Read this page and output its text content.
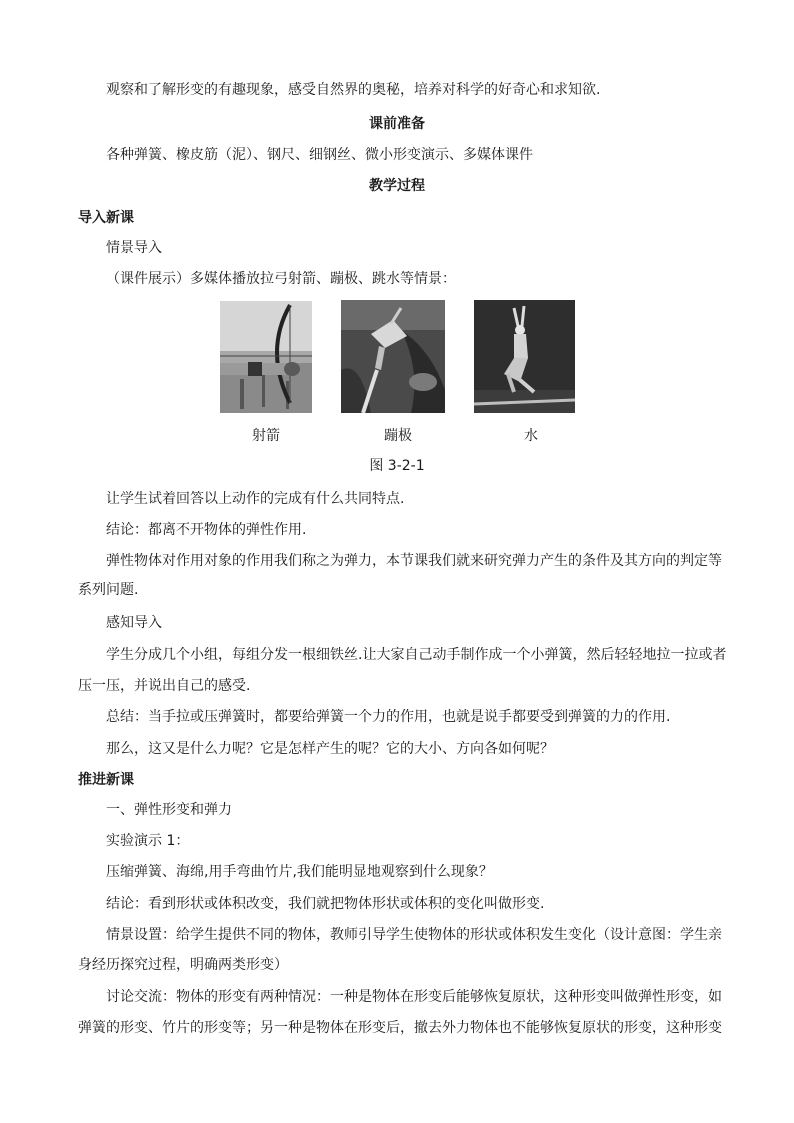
观察和了解形变的有趣现象，感受自然界的奥秘，培养对科学的好奇心和求知欲.
课前准备
各种弹簧、橡皮筋（泥）、钢尺、细钢丝、微小形变演示、多媒体课件
教学过程
导入新课
情景导入
（课件展示）多媒体播放拉弓射箭、蹦极、跳水等情景：
射箭	蹦极	水
图 3-2-1
让学生试着回答以上动作的完成有什么共同特点.
结论：都离不开物体的弹性作用.
弹性物体对作用对象的作用我们称之为弹力，本节课我们就来研究弹力产生的条件及其方向的判定等
系列问题.
感知导入
学生分成几个小组，每组分发一根细铁丝.让大家自己动手制作成一个小弹簧，然后轻轻地拉一拉或者
压一压，并说出自己的感受.
总结：当手拉或压弹簧时，都要给弹簧一个力的作用，也就是说手都要受到弹簧的力的作用.
那么，这又是什么力呢？它是怎样产生的呢？它的大小、方向各如何呢？
推进新课
一、弹性形变和弹力
实验演示 1：
压缩弹簧、海绵,用手弯曲竹片,我们能明显地观察到什么现象？
结论：看到形状或体积改变，我们就把物体形状或体积的变化叫做形变.
情景设置：给学生提供不同的物体，教师引导学生使物体的形状或体积发生变化（设计意图：学生亲
身经历探究过程，明确两类形变）
讨论交流：物体的形变有两种情况：一种是物体在形变后能够恢复原状，这种形变叫做弹性形变，如
弹簧的形变、竹片的形变等；另一种是物体在形变后，撤去外力物体也不能够恢复原状的形变，这种形变
